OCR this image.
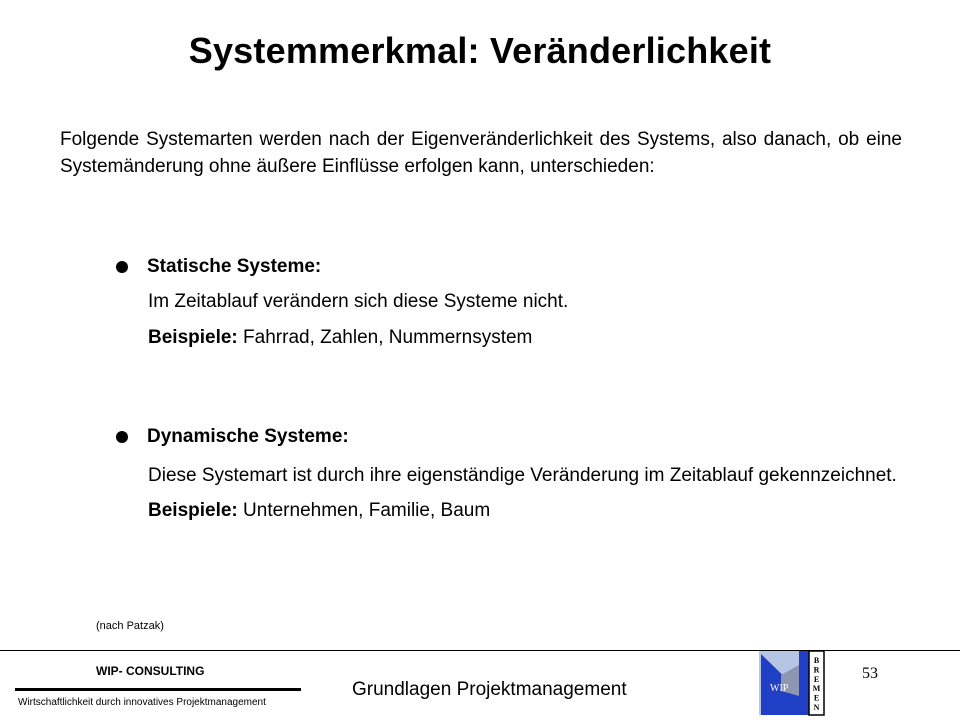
Systemmerkmal: Veränderlichkeit
Folgende Systemarten werden nach der Eigenveränderlichkeit des Systems, also danach, ob eine Systemänderung ohne äußere Einflüsse erfolgen kann, unterschieden:
Statische Systeme:
Im Zeitablauf verändern sich diese Systeme nicht.
Beispiele: Fahrrad, Zahlen, Nummernsystem
Dynamische Systeme:
Diese Systemart ist durch ihre eigenständige Veränderung im Zeitablauf gekennzeichnet.
Beispiele: Unternehmen, Familie, Baum
(nach Patzak)
WIP- CONSULTING
Wirtschaftlichkeit durch innovatives Projektmanagement
Grundlagen Projektmanagement	WIP
B
R
E
M
E
N
53
